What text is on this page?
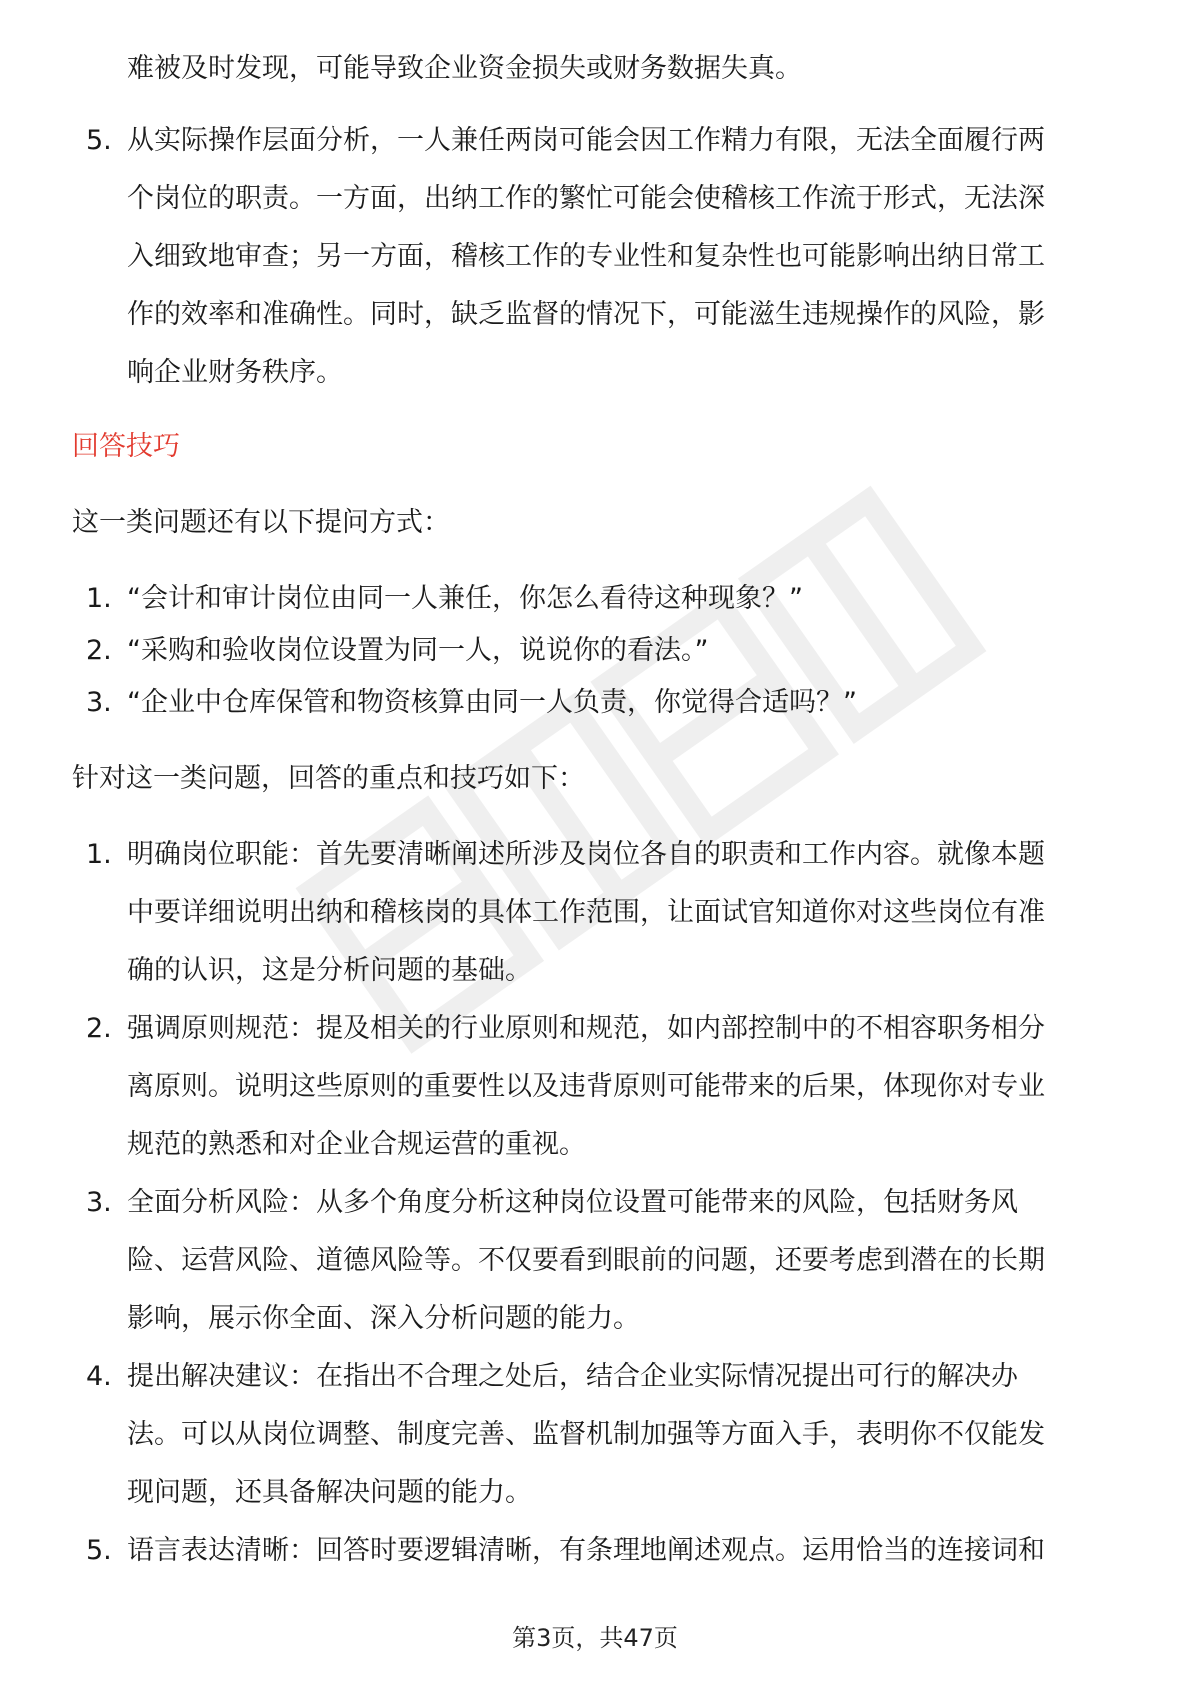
难被及时发现，可能导致企业资金损失或财务数据失真。
5. 从实际操作层面分析，一人兼任两岗可能会因工作精力有限，无法全面履行两
个岗位的职责。一方面，出纳工作的繁忙可能会使稽核工作流于形式，无法深
入细致地审查；另一方面，稽核工作的专业性和复杂性也可能影响出纳日常工
作的效率和准确性。同时，缺乏监督的情况下，可能滋生违规操作的风险，影
响企业财务秩序。
回答技巧
这一类问题还有以下提问方式：
1. “会计和审计岗位由同一人兼任，你怎么看待这种现象？”
2. “采购和验收岗位设置为同一人，说说你的看法。”
3. “企业中仓库保管和物资核算由同一人负责，你觉得合适吗？”
针对这一类问题，回答的重点和技巧如下：
1. 明确岗位职能：首先要清晰阐述所涉及岗位各自的职责和工作内容。就像本题
中要详细说明出纳和稽核岗的具体工作范围，让面试官知道你对这些岗位有准
确的认识，这是分析问题的基础。
2. 强调原则规范：提及相关的行业原则和规范，如内部控制中的不相容职务相分
离原则。说明这些原则的重要性以及违背原则可能带来的后果，体现你对专业
规范的熟悉和对企业合规运营的重视。
3. 全面分析风险：从多个角度分析这种岗位设置可能带来的风险，包括财务风
险、运营风险、道德风险等。不仅要看到眼前的问题，还要考虑到潜在的长期
影响，展示你全面、深入分析问题的能力。
4. 提出解决建议：在指出不合理之处后，结合企业实际情况提出可行的解决办
法。可以从岗位调整、制度完善、监督机制加强等方面入手，表明你不仅能发
现问题，还具备解决问题的能力。
5. 语言表达清晰：回答时要逻辑清晰，有条理地阐述观点。运用恰当的连接词和
第3页，共47页
